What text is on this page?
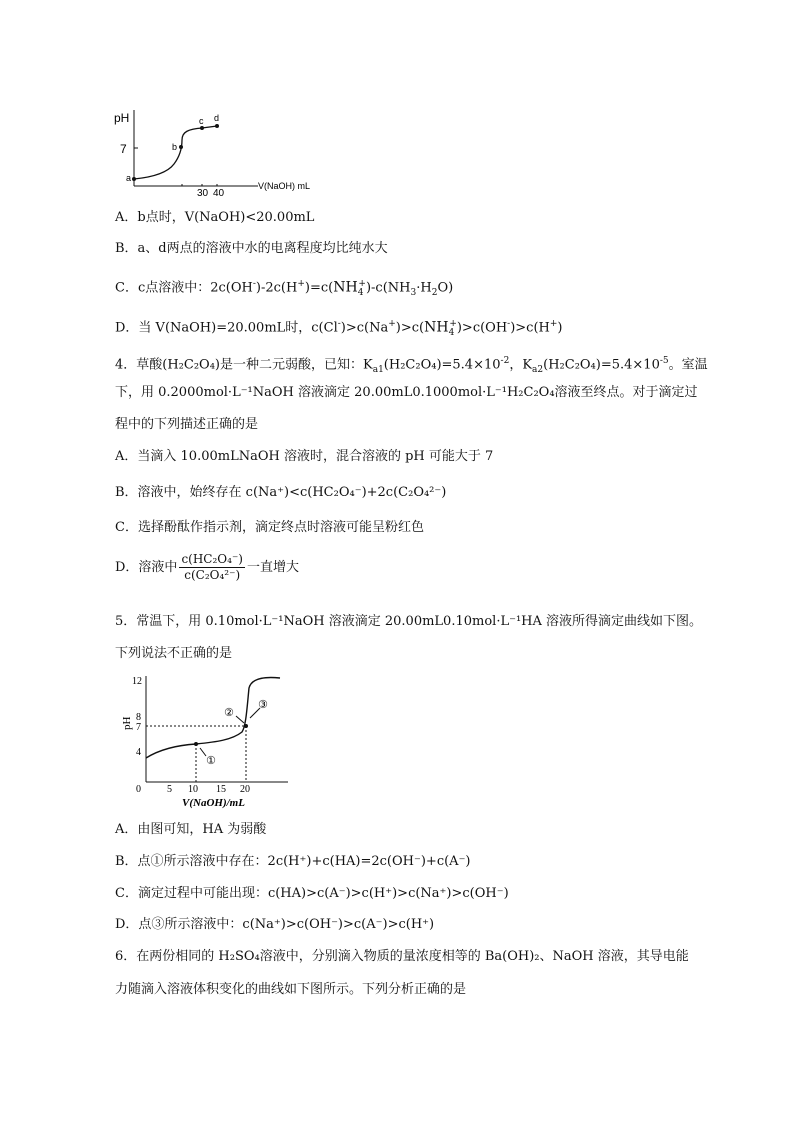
pH
7
30 40
V(NaOH) mL
a
b
c d
A．b点时，V(NaOH)<20.00mL
B．a、d两点的溶液中水的电离程度均比纯水大
C．c点溶液中：$2c(OH^-)-2c(H^+)=c(NH_4^+)-c(NH_3\cdot H_2O)$
D．当 V(NaOH)=20.00mL时，$c(Cl^-)>c(Na^+)>c(NH_4^+)>c(OH^-)>c(H^+)$
4．草酸(H₂C₂O₄)是一种二元弱酸，已知：$K_{a1}(H_2C_2O_4)=5.4\times 10^{-2}$，$K_{a2}(H_2C_2O_4)=5.4\times 10^{-5}$。室温
下，用 0.2000mol·L⁻¹NaOH 溶液滴定 20.00mL0.1000mol·L⁻¹H₂C₂O₄溶液至终点。对于滴定过
程中的下列描述正确的是
A．当滴入 10.00mLNaOH 溶液时，混合溶液的 pH 可能大于 7
B．溶液中，始终存在 c(Na⁺)<c(HC₂O₄⁻)+2c(C₂O₄²⁻)
C．选择酚酞作指示剂，滴定终点时溶液可能呈粉红色
D．溶液中 $\frac{\text{c(HC₂O₄⁻)}}{\text{c(C₂O₄²⁻)}}$ 一直增大
5．常温下，用 0.10mol·L⁻¹NaOH 溶液滴定 20.00mL0.10mol·L⁻¹HA 溶液所得滴定曲线如下图。
下列说法不正确的是
pH
12
8
7
4
0	5 10 15 20
V(NaOH)/mL
①
②
③
A．由图可知，HA 为弱酸
B．点①所示溶液中存在：2c(H⁺)+c(HA)=2c(OH⁻)+c(A⁻)
C．滴定过程中可能出现：c(HA)>c(A⁻)>c(H⁺)>c(Na⁺)>c(OH⁻)
D．点③所示溶液中：c(Na⁺)>c(OH⁻)>c(A⁻)>c(H⁺)
6．在两份相同的 H₂SO₄溶液中，分别滴入物质的量浓度相等的 Ba(OH)₂、NaOH 溶液，其导电能
力随滴入溶液体积变化的曲线如下图所示。下列分析正确的是
